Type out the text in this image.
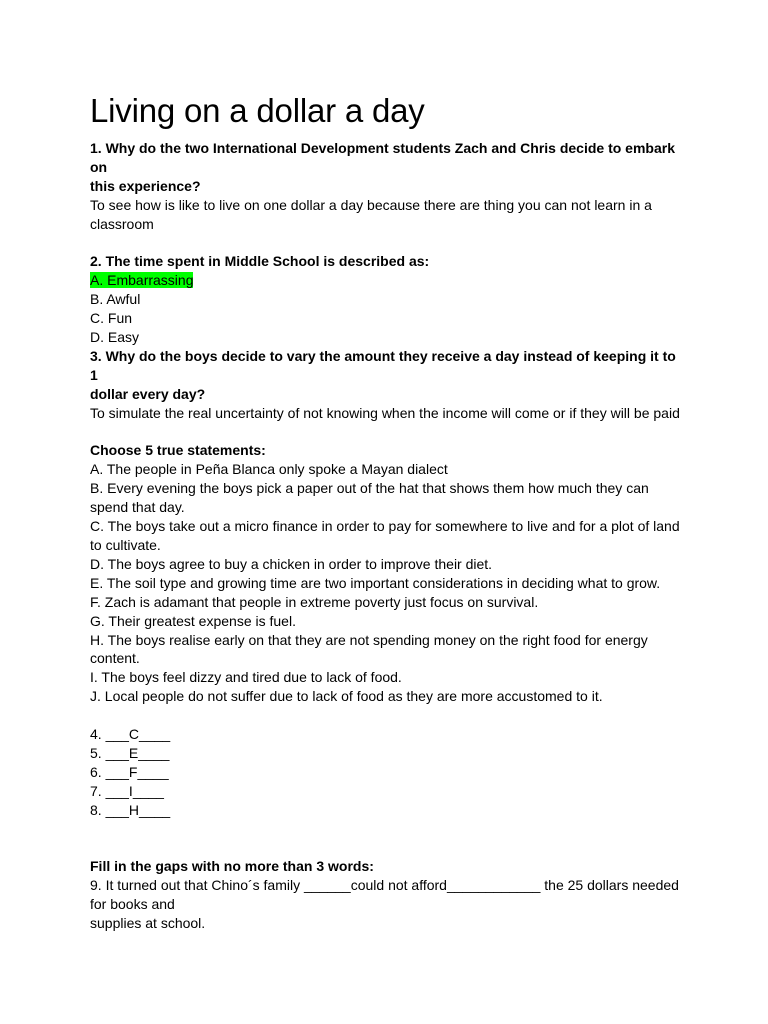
Living on a dollar a day
1. Why do the two International Development students Zach and Chris decide to embark
on
this experience?
To see how is like to live on one dollar a day because there are thing you can not learn in a
classroom
2. The time spent in Middle School is described as:
A. Embarrassing
B. Awful
C. Fun
D. Easy
3. Why do the boys decide to vary the amount they receive a day instead of keeping it to
1
dollar every day?
To simulate the real uncertainty of not knowing when the income will come or if they will be paid
Choose 5 true statements:
A. The people in Peña Blanca only spoke a Mayan dialect
B. Every evening the boys pick a paper out of the hat that shows them how much they can
spend that day.
C. The boys take out a micro finance in order to pay for somewhere to live and for a plot of land
to cultivate.
D. The boys agree to buy a chicken in order to improve their diet.
E. The soil type and growing time are two important considerations in deciding what to grow.
F. Zach is adamant that people in extreme poverty just focus on survival.
G. Their greatest expense is fuel.
H. The boys realise early on that they are not spending money on the right food for energy
content.
I. The boys feel dizzy and tired due to lack of food.
J. Local people do not suffer due to lack of food as they are more accustomed to it.
4. ___C____
5. ___E____
6. ___F____
7. ___I____
8. ___H____
Fill in the gaps with no more than 3 words:
9. It turned out that Chino´s family ______could not afford____________ the 25 dollars needed
for books and
supplies at school.
